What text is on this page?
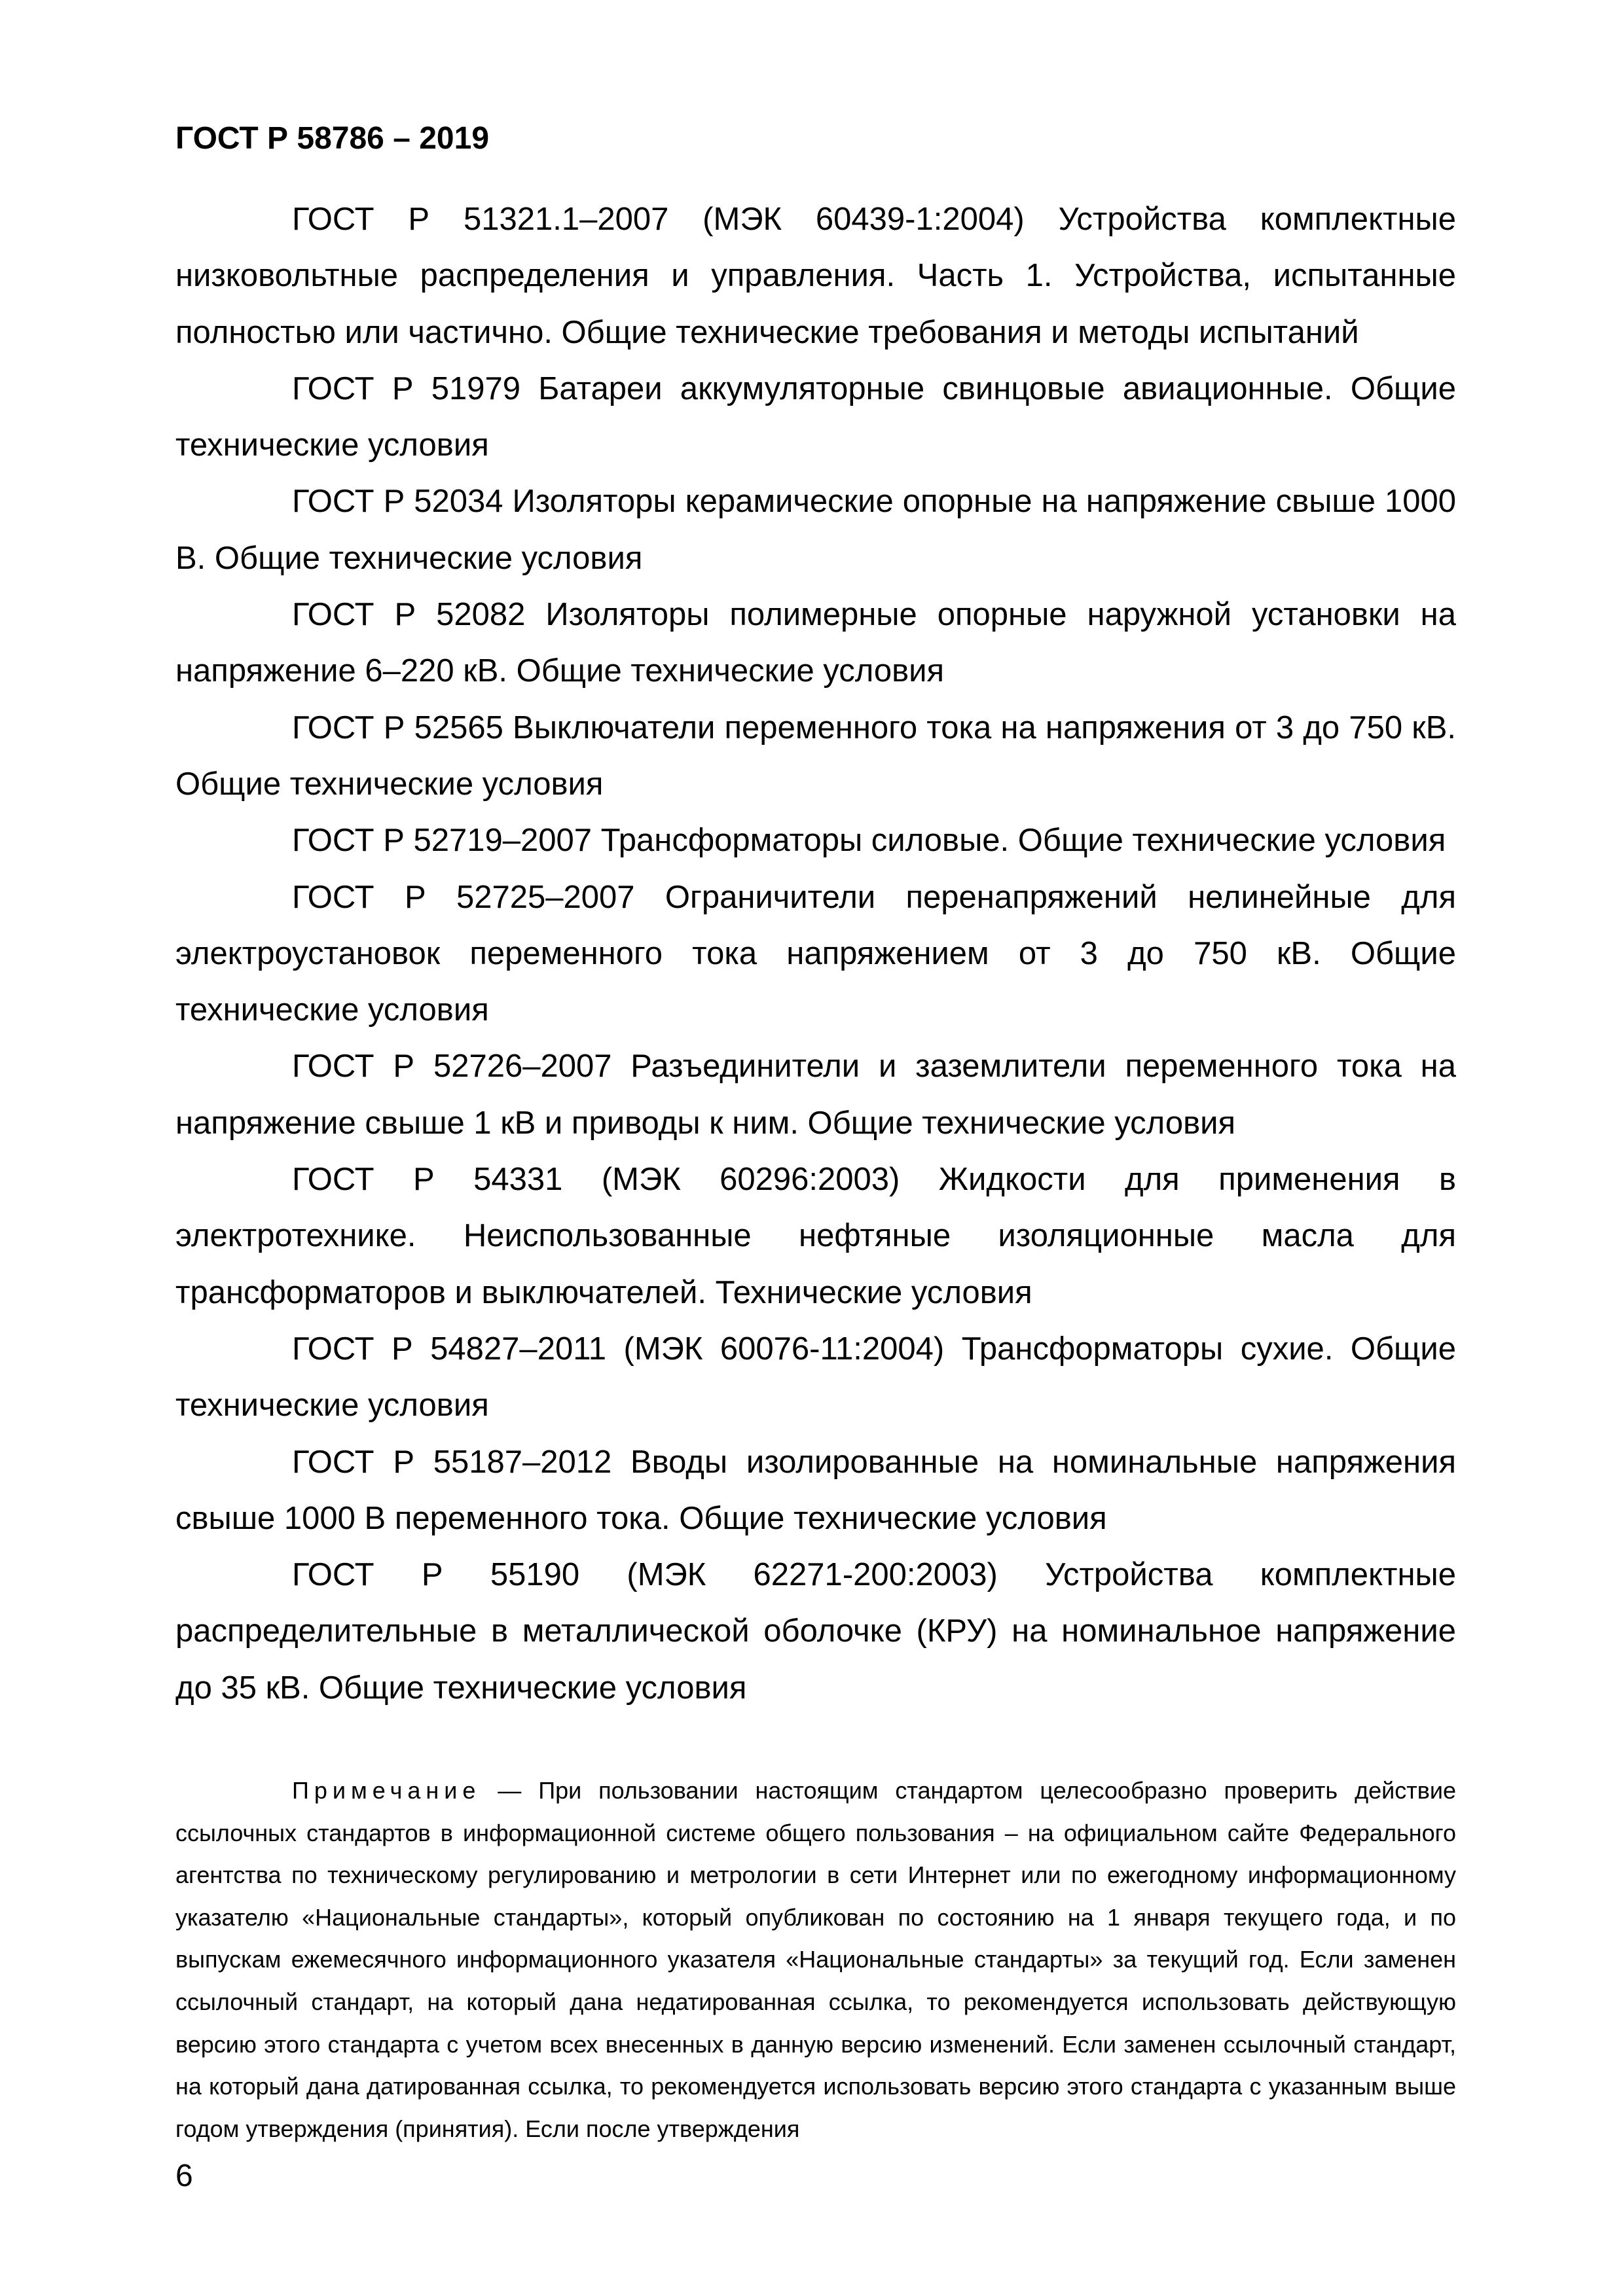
ГОСТ Р 58786 – 2019

ГОСТ Р 51321.1–2007 (МЭК 60439-1:2004) Устройства комплектные низковольтные распределения и управления. Часть 1. Устройства, испытанные полностью или частично. Общие технические требования и методы испытаний

ГОСТ Р 51979 Батареи аккумуляторные свинцовые авиационные. Общие технические условия

ГОСТ Р 52034 Изоляторы керамические опорные на напряжение свыше 1000 В. Общие технические условия

ГОСТ Р 52082 Изоляторы полимерные опорные наружной установки на напряжение 6–220 кВ. Общие технические условия

ГОСТ Р 52565 Выключатели переменного тока на напряжения от 3 до 750 кВ. Общие технические условия

ГОСТ Р 52719–2007 Трансформаторы силовые. Общие технические условия

ГОСТ Р 52725–2007 Ограничители перенапряжений нелинейные для электроустановок переменного тока напряжением от 3 до 750 кВ. Общие технические условия

ГОСТ Р 52726–2007 Разъединители и заземлители переменного тока на напряжение свыше 1 кВ и приводы к ним. Общие технические условия

ГОСТ Р 54331 (МЭК 60296:2003) Жидкости для применения в электротехнике. Неиспользованные нефтяные изоляционные масла для трансформаторов и выключателей. Технические условия

ГОСТ Р 54827–2011 (МЭК 60076-11:2004) Трансформаторы сухие. Общие технические условия

ГОСТ Р 55187–2012 Вводы изолированные на номинальные напряжения свыше 1000 В переменного тока. Общие технические условия

ГОСТ Р 55190 (МЭК 62271-200:2003) Устройства комплектные распределительные в металлической оболочке (КРУ) на номинальное напряжение до 35 кВ. Общие технические условия

Примечание — При пользовании настоящим стандартом целесообразно проверить действие ссылочных стандартов в информационной системе общего пользования – на официальном сайте Федерального агентства по техническому регулированию и метрологии в сети Интернет или по ежегодному информационному указателю «Национальные стандарты», который опубликован по состоянию на 1 января текущего года, и по выпускам ежемесячного информационного указателя «Национальные стандарты» за текущий год. Если заменен ссылочный стандарт, на который дана недатированная ссылка, то рекомендуется использовать действующую версию этого стандарта с учетом всех внесенных в данную версию изменений. Если заменен ссылочный стандарт, на который дана датированная ссылка, то рекомендуется использовать версию этого стандарта с указанным выше годом утверждения (принятия). Если после утверждения
6
